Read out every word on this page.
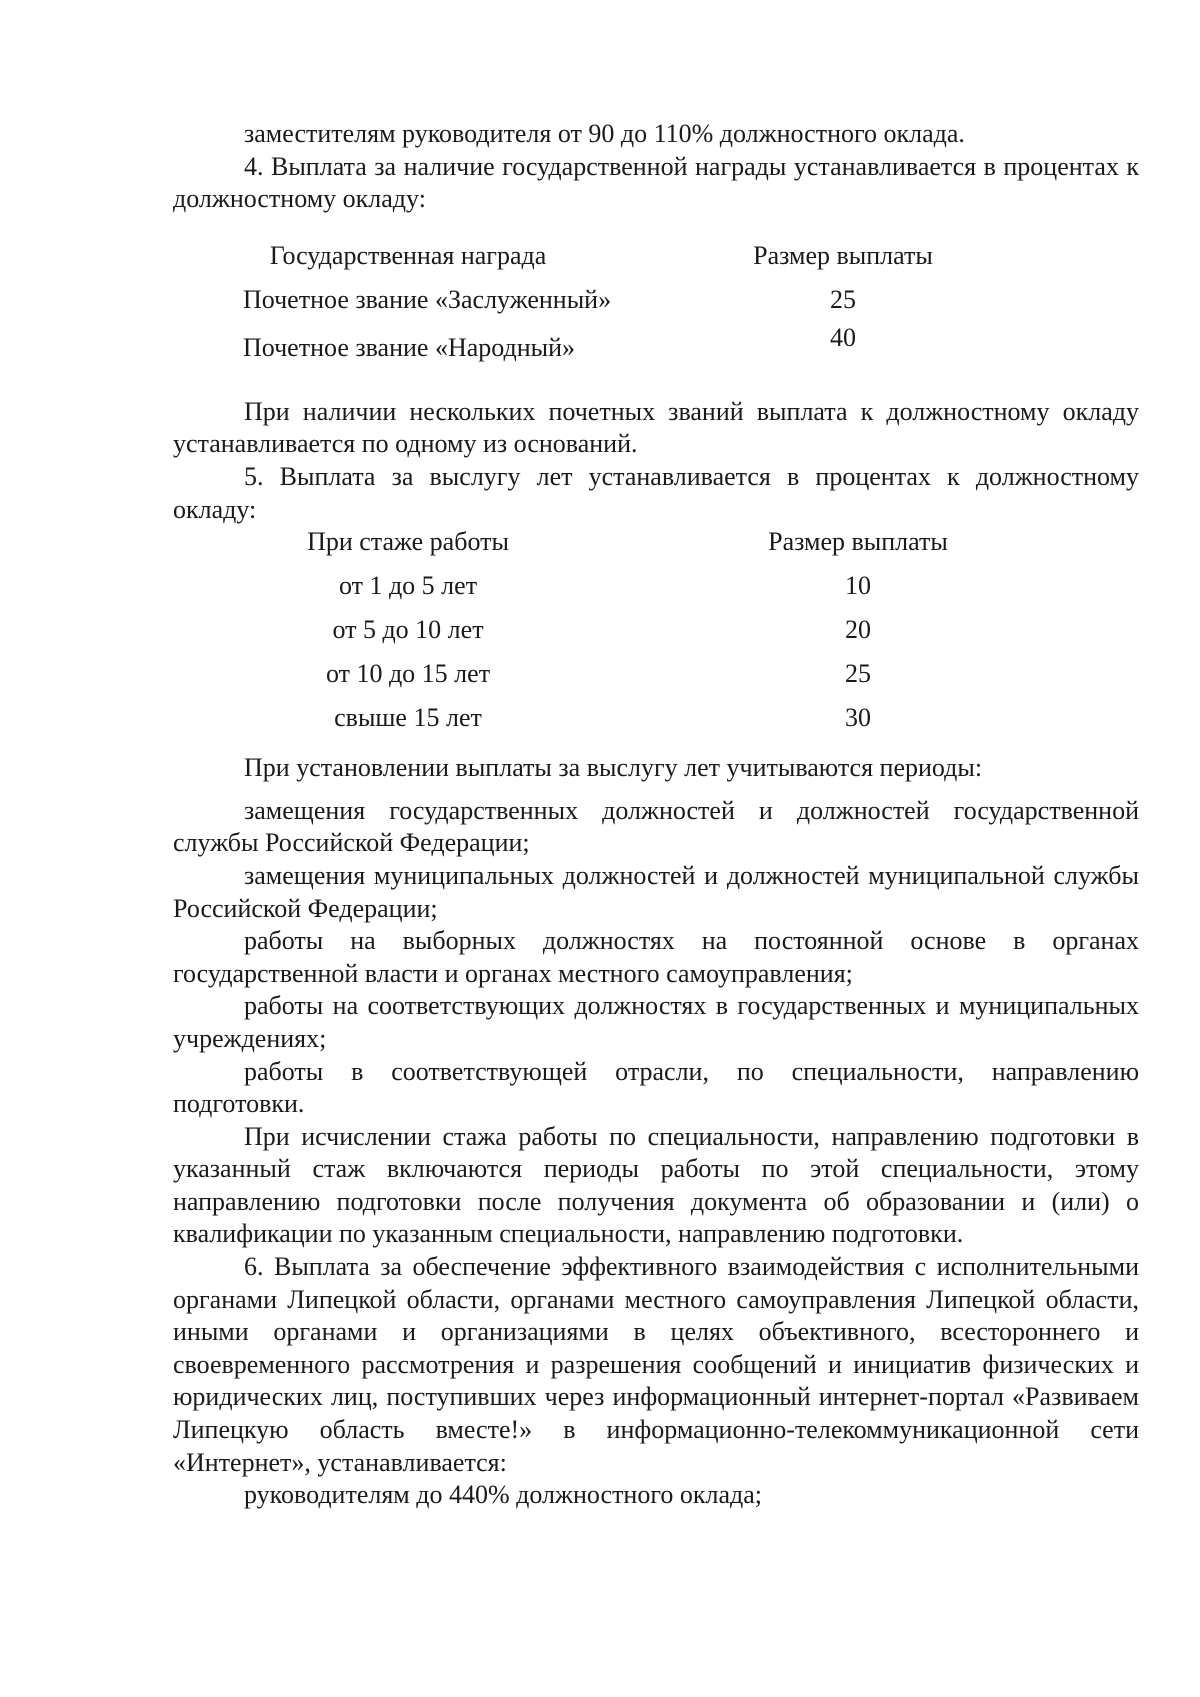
заместителям руководителя от 90 до 110% должностного оклада.

4. Выплата за наличие государственной награды устанавливается в процентах к должностному окладу:

Государственная награда	Размер выплаты
Почетное звание «Заслуженный»	25
Почетное звание «Народный»	40

При наличии нескольких почетных званий выплата к должностному окладу устанавливается по одному из оснований.

5. Выплата за выслугу лет устанавливается в процентах к должностному окладу:

При стаже работы	Размер выплаты
от 1 до 5 лет	10
от 5 до 10 лет	20
от 10 до 15 лет	25
свыше 15 лет	30

При установлении выплаты за выслугу лет учитываются периоды:

замещения государственных должностей и должностей государственной службы Российской Федерации;

замещения муниципальных должностей и должностей муниципальной службы Российской Федерации;

работы на выборных должностях на постоянной основе в органах государственной власти и органах местного самоуправления;

работы на соответствующих должностях в государственных и муниципальных учреждениях;

работы в соответствующей отрасли, по специальности, направлению подготовки.

При исчислении стажа работы по специальности, направлению подготовки в указанный стаж включаются периоды работы по этой специальности, этому направлению подготовки после получения документа об образовании и (или) о квалификации по указанным специальности, направлению подготовки.

6. Выплата за обеспечение эффективного взаимодействия с исполнительными органами Липецкой области, органами местного самоуправления Липецкой области, иными органами и организациями в целях объективного, всестороннего и своевременного рассмотрения и разрешения сообщений и инициатив физических и юридических лиц, поступивших через информационный интернет-портал «Развиваем Липецкую область вместе!» в информационно-телекоммуникационной сети «Интернет», устанавливается:

руководителям до 440% должностного оклада;
